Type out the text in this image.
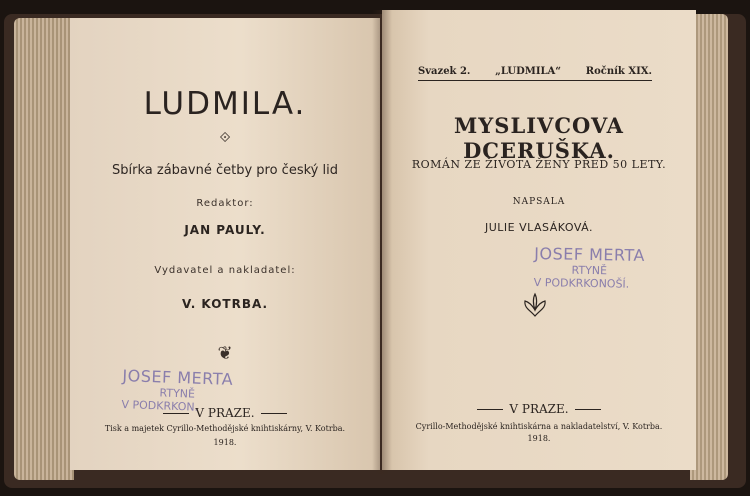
LUDMILA.
⟐
Sbírka zábavné četby pro český lid
Redaktor:
JAN PAULY.
Vydavatel a nakladatel:
V. KOTRBA.
❦
JOSEF MERTA
RTYNĚ
V PODKRKON.
V PRAZE.
Tisk a majetek Cyrillo-Methodějské knihtiskárny, V. Kotrba.
1918.
Svazek 2. „LUDMILA“ Ročník XIX.
MYSLIVCOVA DCERUŠKA.
ROMÁN ZE ŽIVOTA ŽENY PŘED 50 LETY.
NAPSALA
JULIE VLASÁKOVÁ.
JOSEF MERTA
RTYNĚ
V PODKRKONOŠÍ.
V PRAZE.
Cyrillo-Methodějské knihtiskárna a nakladatelství, V. Kotrba.
1918.
